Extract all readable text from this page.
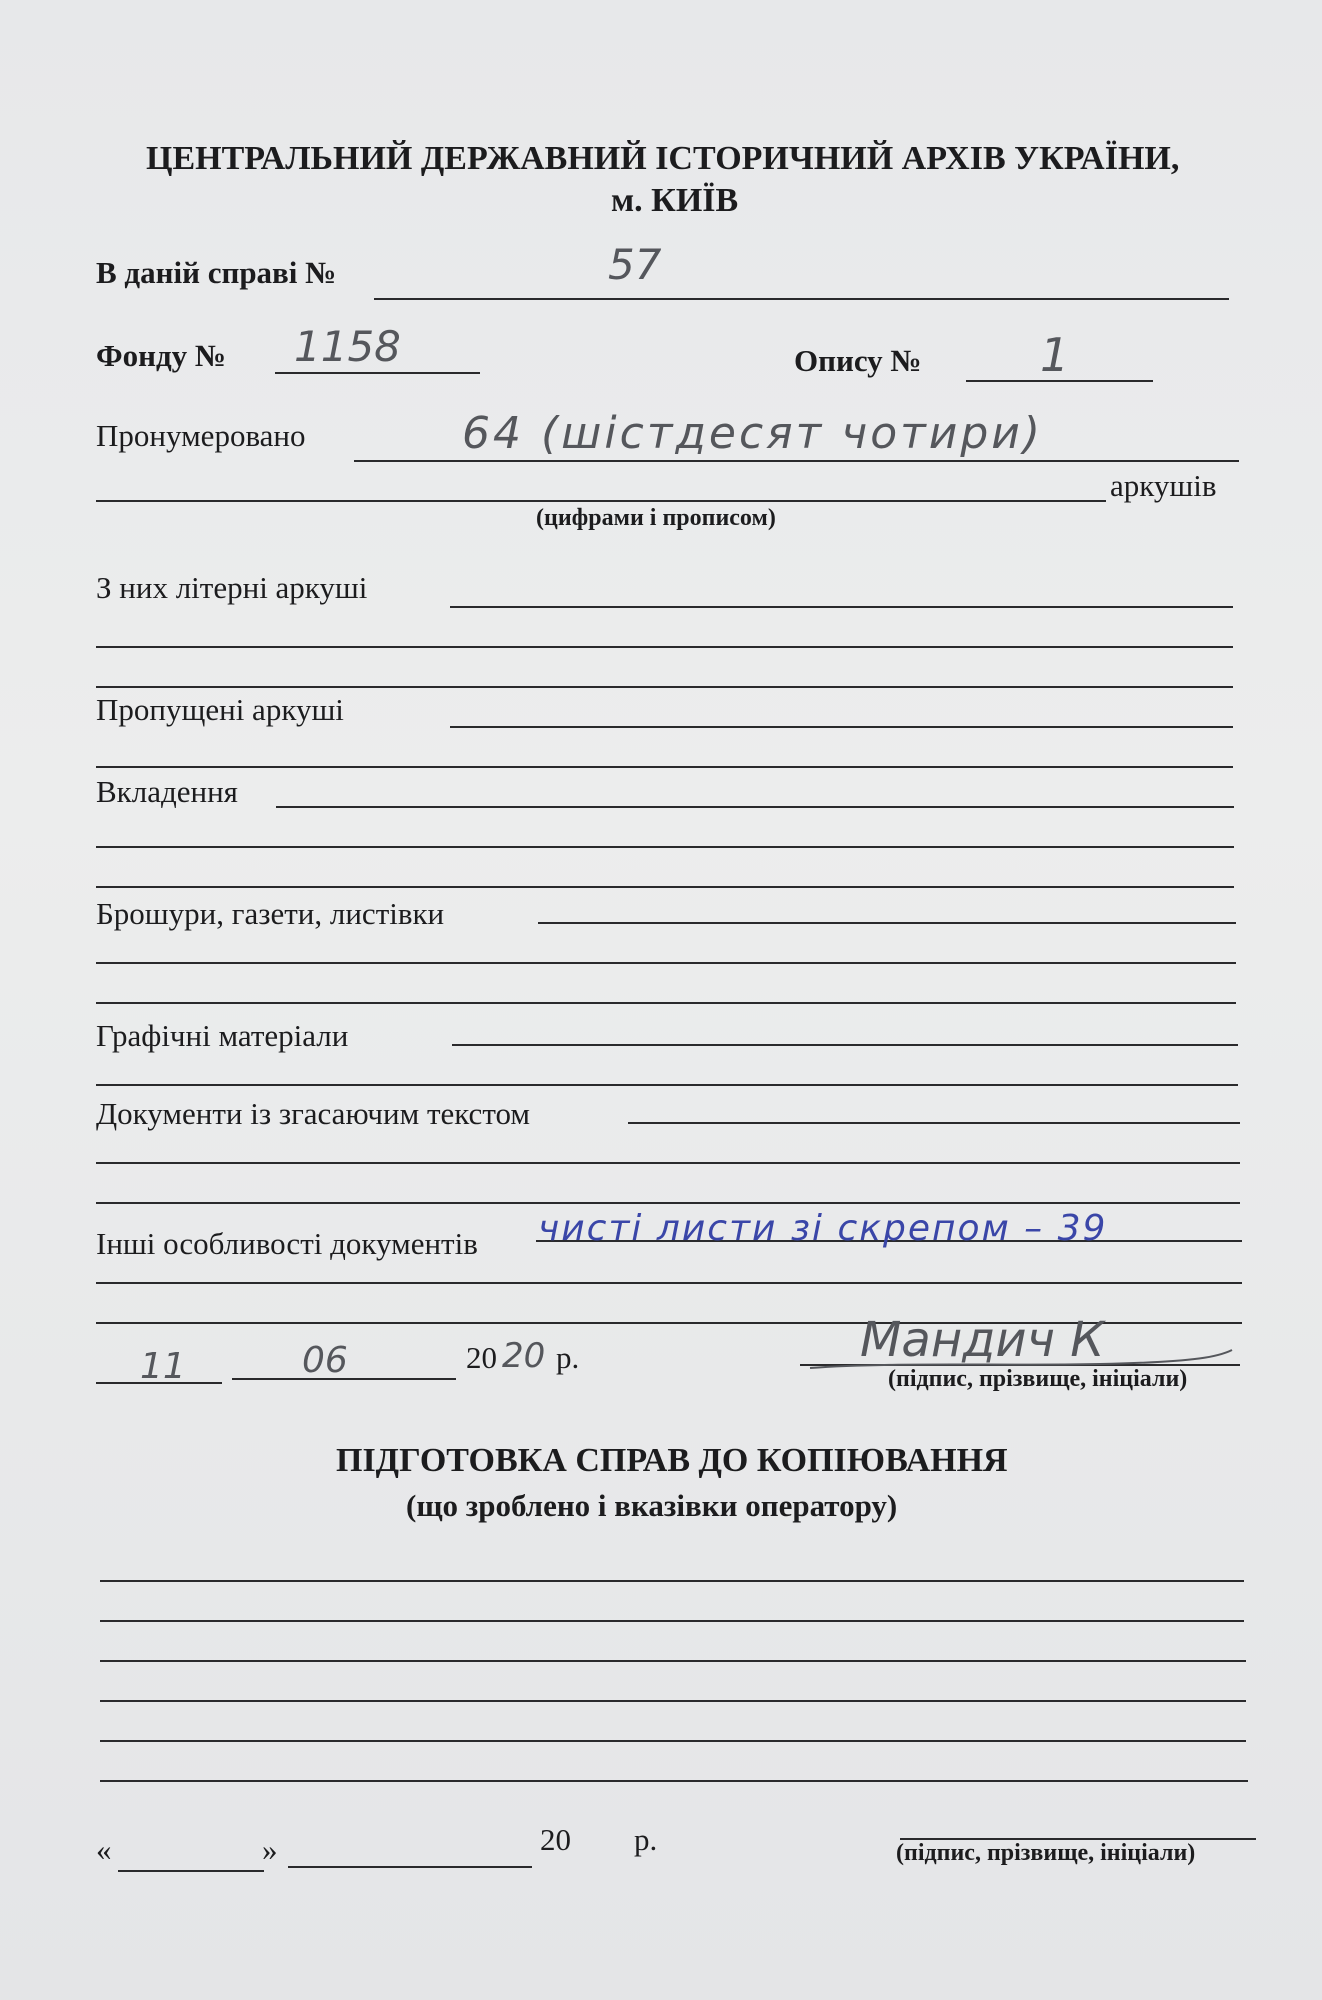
ЦЕНТРАЛЬНИЙ ДЕРЖАВНИЙ ІСТОРИЧНИЙ АРХІВ УКРАЇНИ,
м. КИЇВ
В даній справі №	57
Фонду № 1158	Опису №	1
Пронумеровано	64 (шістдесят чотири)
аркушів
(цифрами і прописом)
З них літерні аркуші
Пропущені аркуші
Вкладення
Брошури, газети, листівки
Графічні матеріали
Документи із згасаючим текстом
Інші особливості документів чисті листи зі скрепом – 39
11	06	20 20 р.	Мандич К
(підпис, прізвище, ініціали)
ПІДГОТОВКА СПРАВ ДО КОПІЮВАННЯ
(що зроблено і вказівки оператору)
«	»	20 р.	(підпис, прізвище, ініціали)
